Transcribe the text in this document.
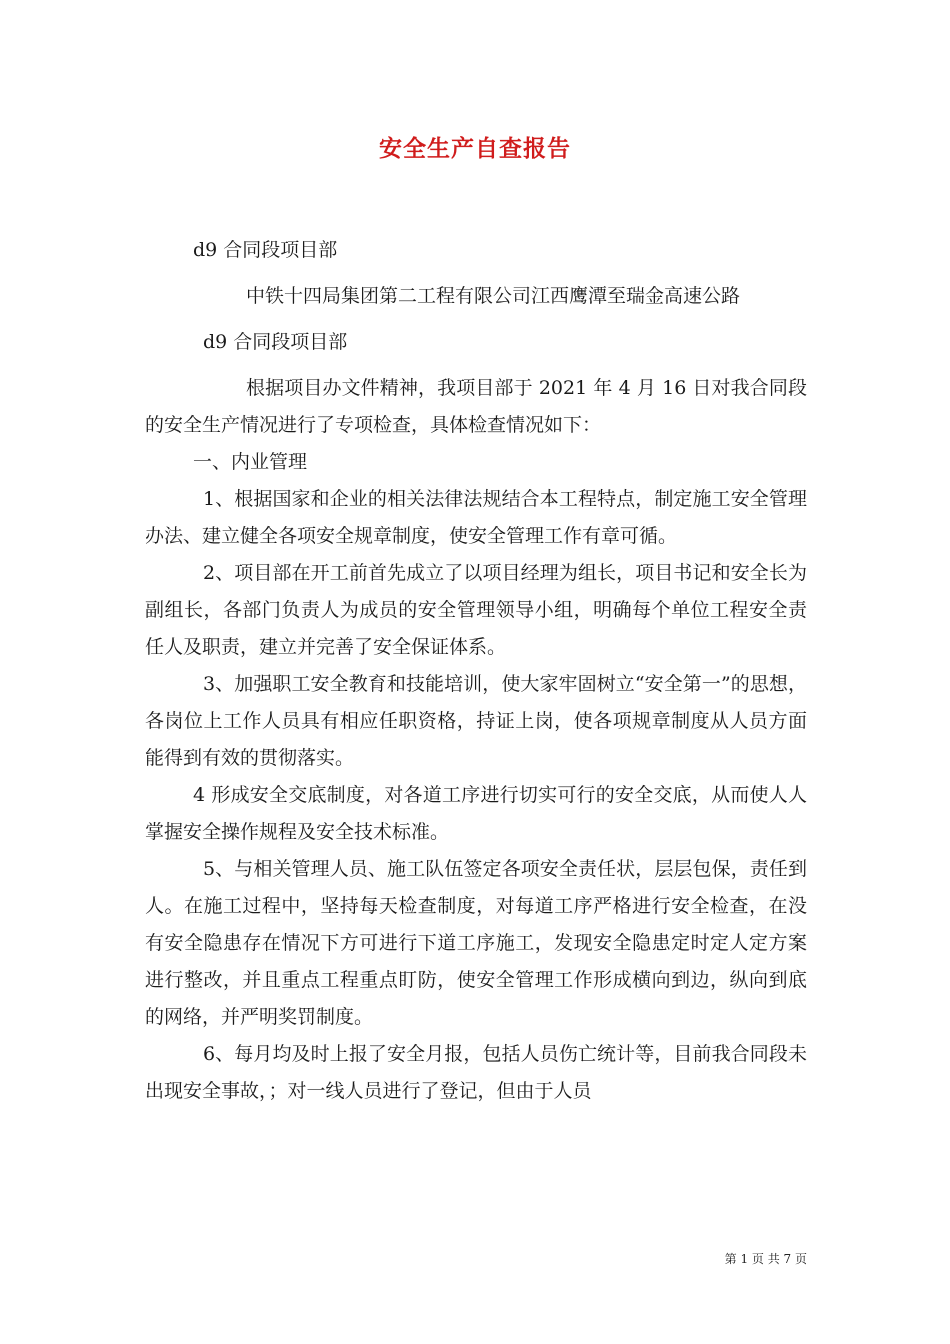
安全生产自查报告

d9 合同段项目部

中铁十四局集团第二工程有限公司江西鹰潭至瑞金高速公路

d9 合同段项目部

根据项目办文件精神，我项目部于 2021 年 4 月 16 日对我合同段的安全生产情况进行了专项检查，具体检查情况如下：

一、内业管理

1、根据国家和企业的相关法律法规结合本工程特点，制定施工安全管理办法、建立健全各项安全规章制度，使安全管理工作有章可循。

2、项目部在开工前首先成立了以项目经理为组长，项目书记和安全长为副组长，各部门负责人为成员的安全管理领导小组，明确每个单位工程安全责任人及职责，建立并完善了安全保证体系。

3、加强职工安全教育和技能培训，使大家牢固树立“安全第一”的思想，各岗位上工作人员具有相应任职资格，持证上岗，使各项规章制度从人员方面能得到有效的贯彻落实。

4 形成安全交底制度，对各道工序进行切实可行的安全交底，从而使人人掌握安全操作规程及安全技术标准。

5、与相关管理人员、施工队伍签定各项安全责任状，层层包保，责任到人。在施工过程中，坚持每天检查制度，对每道工序严格进行安全检查，在没有安全隐患存在情况下方可进行下道工序施工，发现安全隐患定时定人定方案进行整改，并且重点工程重点盯防，使安全管理工作形成横向到边，纵向到底的网络，并严明奖罚制度。

6、每月均及时上报了安全月报，包括人员伤亡统计等，目前我合同段未出现安全事故，；对一线人员进行了登记，但由于人员

第 1 页 共 7 页
